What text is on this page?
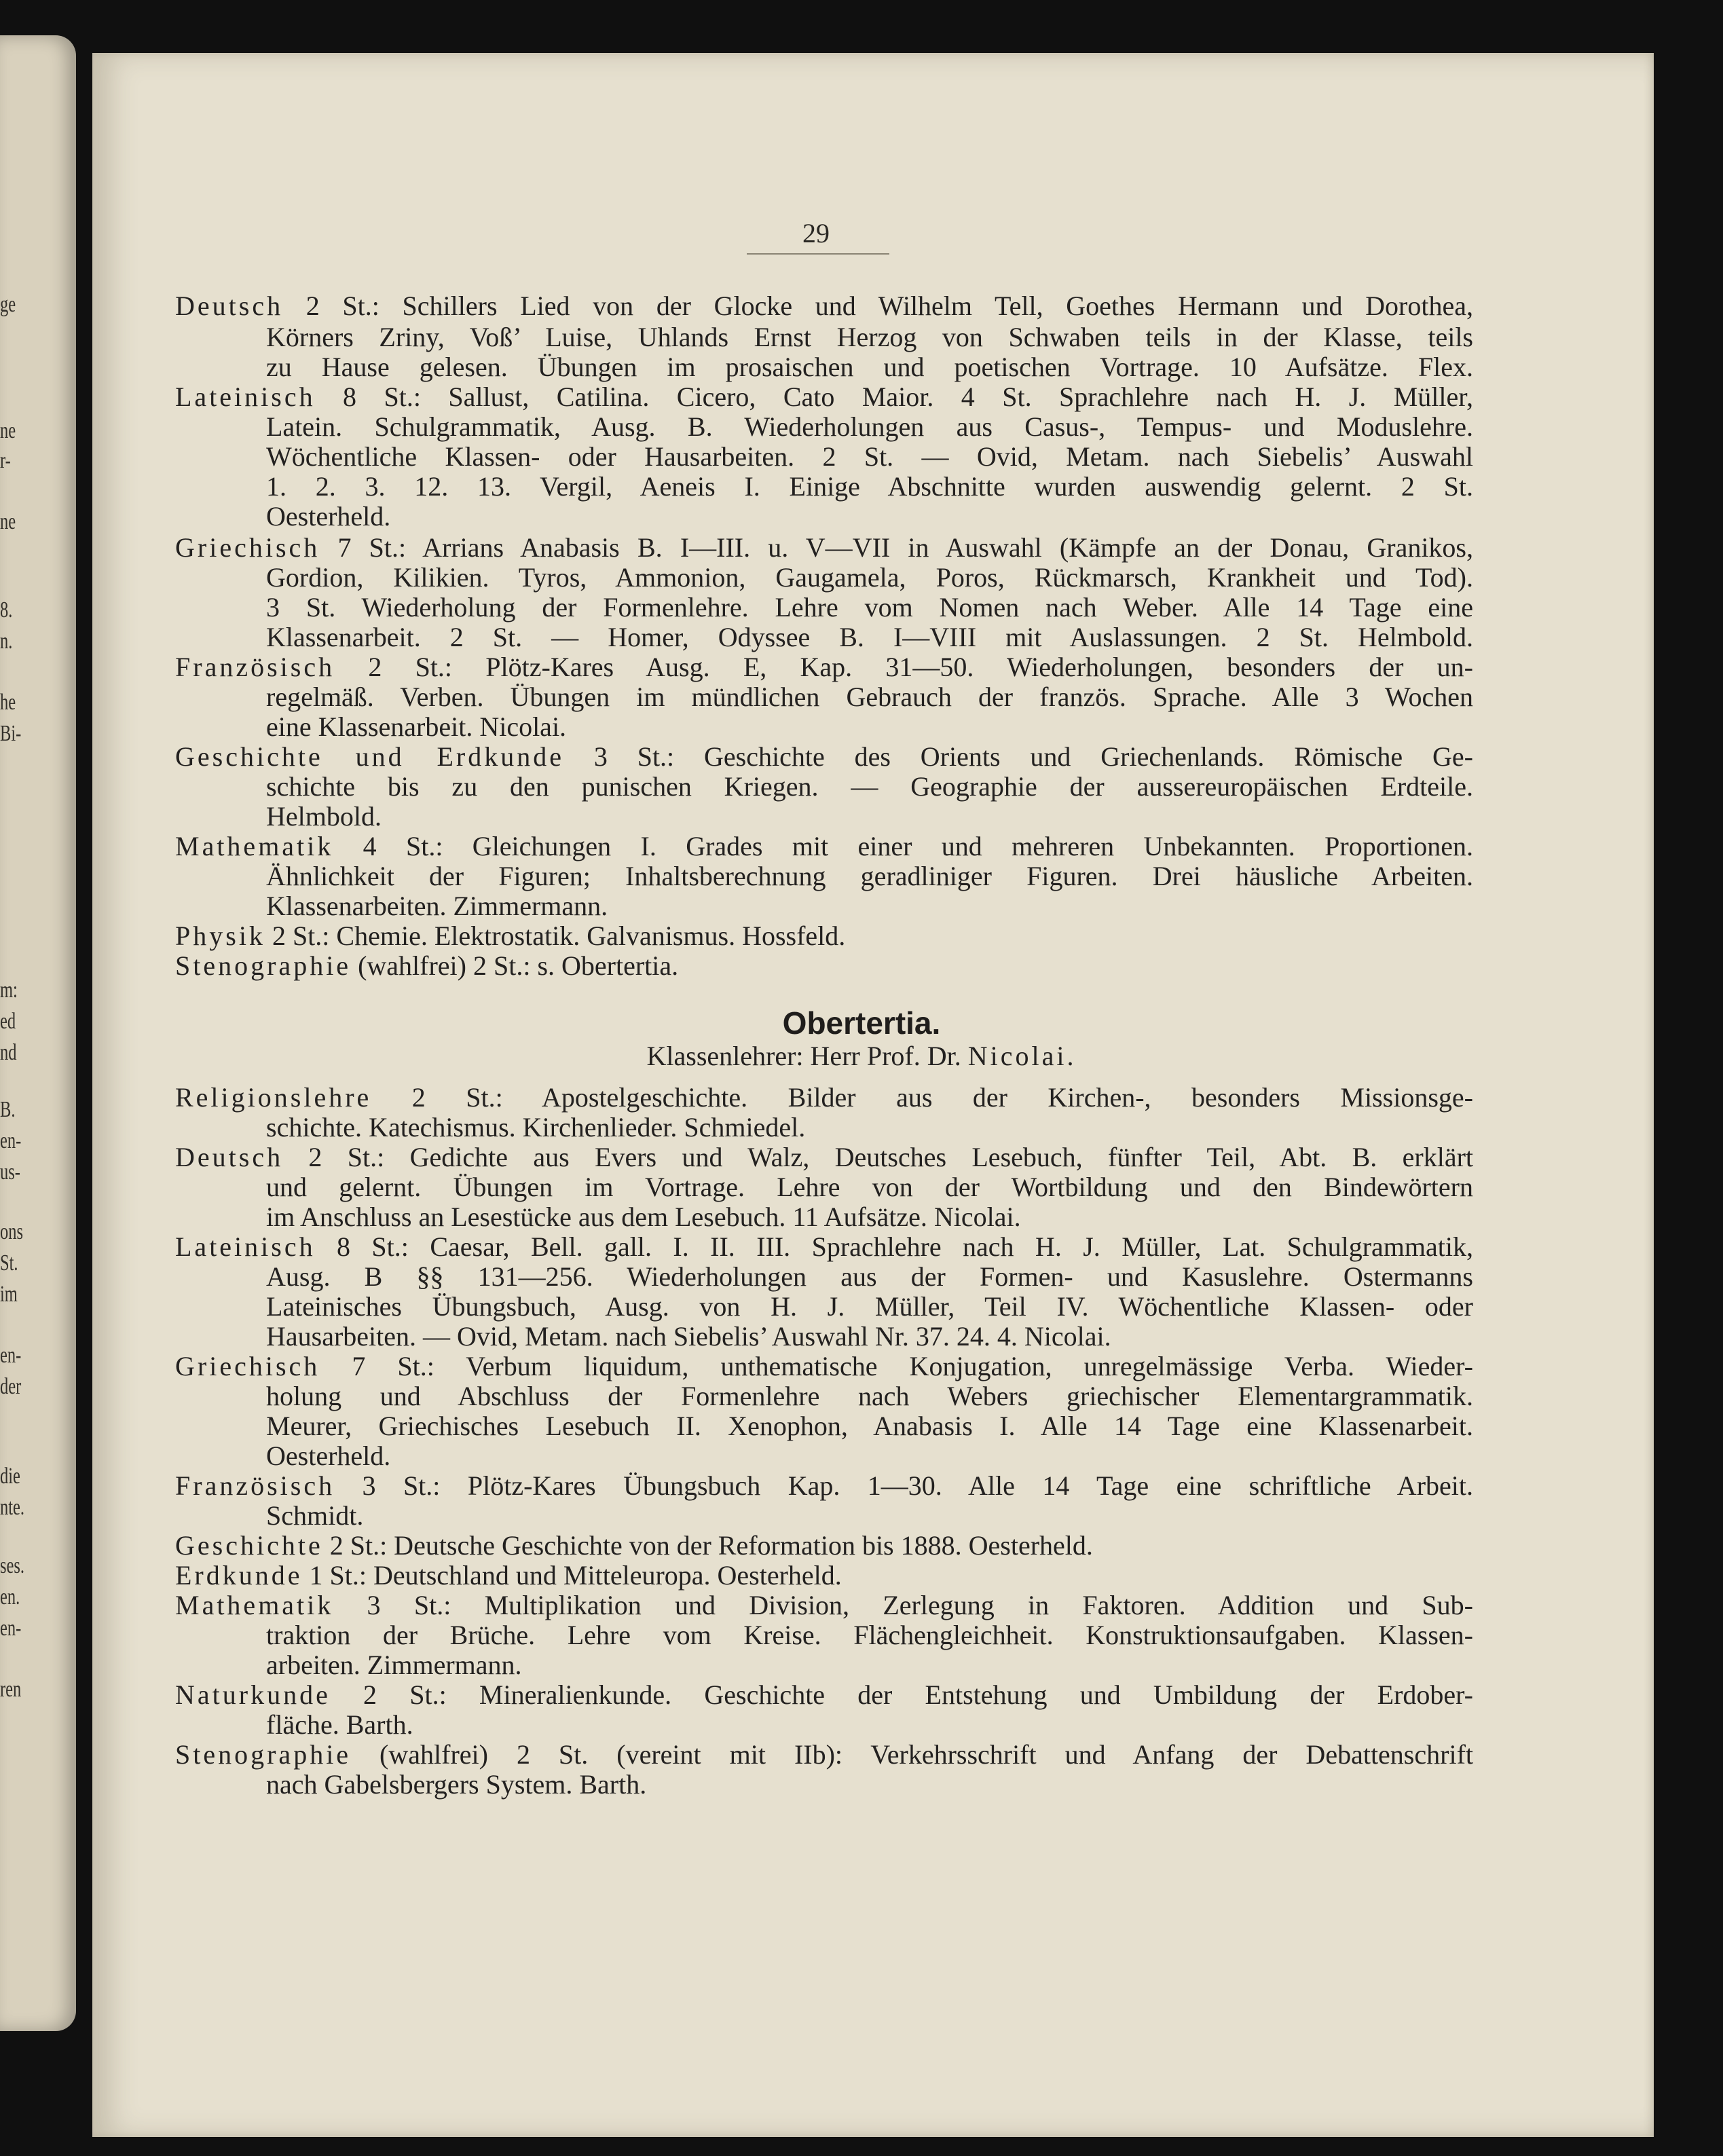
ge
ne
r-
ne
8.
n.
he
Bi-
m:
ed
nd
B.
en-
us-
ons
St.
im
en-
der
die
nte.
ses.
en.
en-
ren
29

Deutsch 2 St.: Schillers Lied von der Glocke und Wilhelm Tell, Goethes Hermann und Dorothea,

Körners Zriny, Voß’ Luise, Uhlands Ernst Herzog von Schwaben teils in der Klasse, teils

zu Hause gelesen. Übungen im prosaischen und poetischen Vortrage. 10 Aufsätze. Flex.

Lateinisch 8 St.: Sallust, Catilina. Cicero, Cato Maior. 4 St. Sprachlehre nach H. J. Müller,

Latein. Schulgrammatik, Ausg. B. Wiederholungen aus Casus-, Tempus- und Moduslehre.

Wöchentliche Klassen- oder Hausarbeiten. 2 St. — Ovid, Metam. nach Siebelis’ Auswahl

1. 2. 3. 12. 13. Vergil, Aeneis I. Einige Abschnitte wurden auswendig gelernt. 2 St.

Oesterheld.

Griechisch 7 St.: Arrians Anabasis B. I—III. u. V—VII in Auswahl (Kämpfe an der Donau, Granikos,

Gordion, Kilikien. Tyros, Ammonion, Gaugamela, Poros, Rückmarsch, Krankheit und Tod).

3 St. Wiederholung der Formenlehre. Lehre vom Nomen nach Weber. Alle 14 Tage eine

Klassenarbeit. 2 St. — Homer, Odyssee B. I—VIII mit Auslassungen. 2 St. Helmbold.

Französisch 2 St.: Plötz-Kares Ausg. E, Kap. 31—50. Wiederholungen, besonders der un-

regelmäß. Verben. Übungen im mündlichen Gebrauch der französ. Sprache. Alle 3 Wochen

eine Klassenarbeit. Nicolai.

Geschichte und Erdkunde 3 St.: Geschichte des Orients und Griechenlands. Römische Ge-

schichte bis zu den punischen Kriegen. — Geographie der aussereuropäischen Erdteile.

Helmbold.

Mathematik 4 St.: Gleichungen I. Grades mit einer und mehreren Unbekannten. Proportionen.

Ähnlichkeit der Figuren; Inhaltsberechnung geradliniger Figuren. Drei häusliche Arbeiten.

Klassenarbeiten. Zimmermann.

Physik 2 St.: Chemie. Elektrostatik. Galvanismus. Hossfeld.

Stenographie (wahlfrei) 2 St.: s. Obertertia.

Obertertia.
Klassenlehrer: Herr Prof. Dr. Nicolai.

Religionslehre 2 St.: Apostelgeschichte. Bilder aus der Kirchen-, besonders Missionsge-

schichte. Katechismus. Kirchenlieder. Schmiedel.

Deutsch 2 St.: Gedichte aus Evers und Walz, Deutsches Lesebuch, fünfter Teil, Abt. B. erklärt

und gelernt. Übungen im Vortrage. Lehre von der Wortbildung und den Bindewörtern

im Anschluss an Lesestücke aus dem Lesebuch. 11 Aufsätze. Nicolai.

Lateinisch 8 St.: Caesar, Bell. gall. I. II. III. Sprachlehre nach H. J. Müller, Lat. Schulgrammatik,

Ausg. B §§ 131—256. Wiederholungen aus der Formen- und Kasuslehre. Ostermanns

Lateinisches Übungsbuch, Ausg. von H. J. Müller, Teil IV. Wöchentliche Klassen- oder

Hausarbeiten. — Ovid, Metam. nach Siebelis’ Auswahl Nr. 37. 24. 4. Nicolai.

Griechisch 7 St.: Verbum liquidum, unthematische Konjugation, unregelmässige Verba. Wieder-

holung und Abschluss der Formenlehre nach Webers griechischer Elementargrammatik.

Meurer, Griechisches Lesebuch II. Xenophon, Anabasis I. Alle 14 Tage eine Klassenarbeit.

Oesterheld.

Französisch 3 St.: Plötz-Kares Übungsbuch Kap. 1—30. Alle 14 Tage eine schriftliche Arbeit.

Schmidt.

Geschichte 2 St.: Deutsche Geschichte von der Reformation bis 1888. Oesterheld.

Erdkunde 1 St.: Deutschland und Mitteleuropa. Oesterheld.

Mathematik 3 St.: Multiplikation und Division, Zerlegung in Faktoren. Addition und Sub-

traktion der Brüche. Lehre vom Kreise. Flächengleichheit. Konstruktionsaufgaben. Klassen-

arbeiten. Zimmermann.

Naturkunde 2 St.: Mineralienkunde. Geschichte der Entstehung und Umbildung der Erdober-

fläche. Barth.

Stenographie (wahlfrei) 2 St. (vereint mit IIb): Verkehrsschrift und Anfang der Debattenschrift

nach Gabelsbergers System. Barth.
